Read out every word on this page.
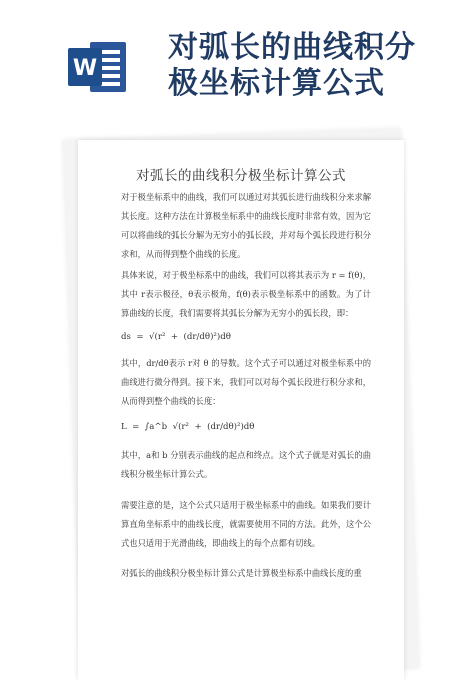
W
对弧长的曲线积分
极坐标计算公式
对弧长的曲线积分极坐标计算公式
对于极坐标系中的曲线，我们可以通过对其弧长进行曲线积分来求解其长度。这种方法在计算极坐标系中的曲线长度时非常有效，因为它可以将曲线的弧长分解为无穷小的弧长段，并对每个弧长段进行积分求和，从而得到整个曲线的长度。
具体来说，对于极坐标系中的曲线，我们可以将其表示为 r = f(θ)，其中 r表示极径，θ表示极角，f(θ)表示极坐标系中的函数。为了计算曲线的长度，我们需要将其弧长分解为无穷小的弧长段，即：
ds  =  √(r²  +  (dr/dθ)²)dθ
其中，dr/dθ表示 r对 θ 的导数。这个式子可以通过对极坐标系中的曲线进行微分得到。接下来，我们可以对每个弧长段进行积分求和，从而得到整个曲线的长度：
L  =  ∫a^b  √(r²  +  (dr/dθ)²)dθ
其中，a和 b 分别表示曲线的起点和终点。这个式子就是对弧长的曲线积分极坐标计算公式。
需要注意的是，这个公式只适用于极坐标系中的曲线。如果我们要计算直角坐标系中的曲线长度，就需要使用不同的方法。此外，这个公式也只适用于光滑曲线，即曲线上的每个点都有切线。
对弧长的曲线积分极坐标计算公式是计算极坐标系中曲线长度的重
